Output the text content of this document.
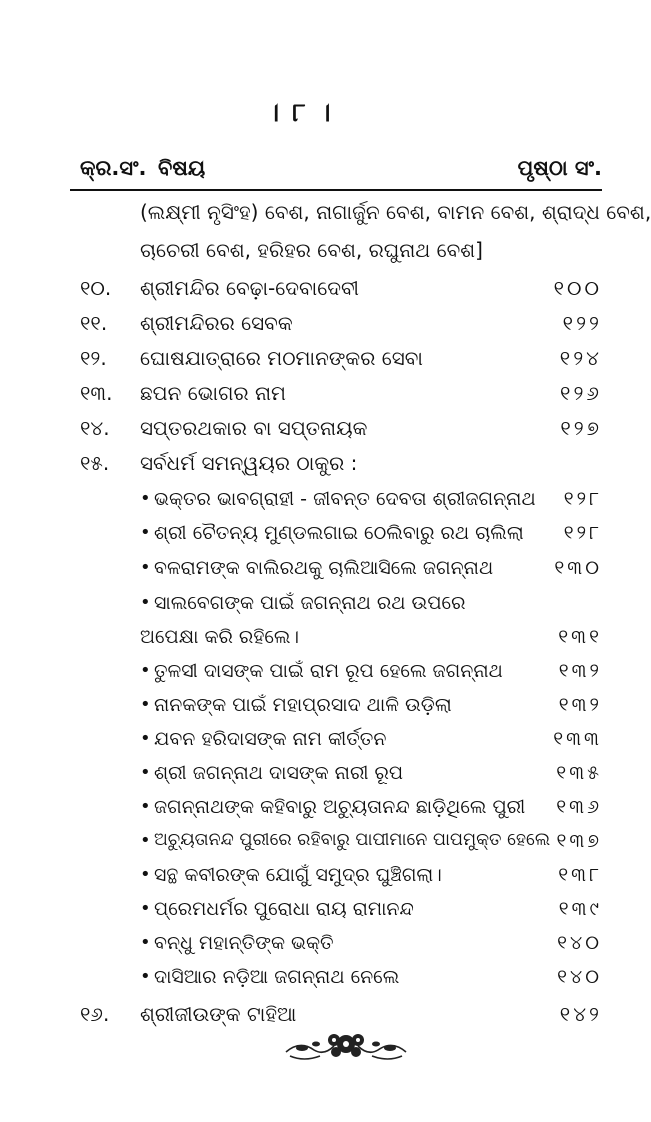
। ୮ ।
କ୍ର.ସଂ. ବିଷୟ	ପୃଷ୍ଠା ସଂ.
(ଲକ୍ଷ୍ମୀ ନୃସିଂହ) ବେଶ, ନାଗାର୍ଜୁନ ବେଶ, ବାମନ ବେଶ, ଶ୍ରାଦ୍ଧ ବେଶ,
ଚାଚେରୀ ବେଶ, ହରିହର ବେଶ, ରଘୁନାଥ ବେଶ]
୧୦. ଶ୍ରୀମନ୍ଦିର ବେଢ଼ା-ଦେବାଦେବୀ	୧୦୦
୧୧. ଶ୍ରୀମନ୍ଦିରର ସେବକ	୧୨୨
୧୨. ଘୋଷଯାତ୍ରାରେ ମଠମାନଙ୍କର ସେବା	୧୨୪
୧୩. ଛପନ ଭୋଗର ନାମ	୧୨୬
୧୪. ସପ୍ତରଥକାର ବା ସପ୍ତନାୟକ	୧୨୭
୧୫. ସର୍ବଧର୍ମ ସମନ୍ୱୟର ଠାକୁର :
• ଭକ୍ତର ଭାବଗ୍ରାହୀ - ଜୀବନ୍ତ ଦେବତା ଶ୍ରୀଜଗନ୍ନାଥ ୧୨୮
• ଶ୍ରୀ ଚୈତନ୍ୟ ମୁଣ୍ଡଲଗାଇ ଠେଲିବାରୁ ରଥ ଚାଲିଲା ୧୨୮
• ବଳରାମଙ୍କ ବାଲିରଥକୁ ଚାଲିଆସିଲେ ଜଗନ୍ନାଥ	୧୩୦
• ସାଲବେଗଙ୍କ ପାଇଁ ଜଗନ୍ନାଥ ରଥ ଉପରେ
ଅପେକ୍ଷା କରି ରହିଲେ।	୧୩୧
• ତୁଳସୀ ଦାସଙ୍କ ପାଇଁ ରାମ ରୂପ ହେଲେ ଜଗନ୍ନାଥ	୧୩୨
• ନାନକଙ୍କ ପାଇଁ ମହାପ୍ରସାଦ ଥାଳି ଉଡ଼ିଲା	୧୩୨
• ଯବନ ହରିଦାସଙ୍କ ନାମ କୀର୍ତ୍ତନ	୧୩୩
• ଶ୍ରୀ ଜଗନ୍ନାଥ ଦାସଙ୍କ ନାରୀ ରୂପ	୧୩୫
• ଜଗନ୍ନାଥଙ୍କ କହିବାରୁ ଅଚ୍ୟୁତାନନ୍ଦ ଛାଡ଼ିଥିଲେ ପୁରୀ ୧୩୬
• ଅଚ୍ୟୁତାନନ୍ଦ ପୁରୀରେ ରହିବାରୁ ପାପୀମାନେ ପାପମୁକ୍ତ ହେଲେ ୧୩୭
• ସନ୍ଥ କବୀରଙ୍କ ଯୋଗୁଁ ସମୁଦ୍ର ଘୁଞ୍ଚିଗଲା।	୧୩୮
• ପ୍ରେମଧର୍ମର ପୁରୋଧା ରାୟ ରାମାନନ୍ଦ	୧୩୯
• ବନ୍ଧୁ ମହାନ୍ତିଙ୍କ ଭକ୍ତି	୧୪୦
• ଦାସିଆର ନଡ଼ିଆ ଜଗନ୍ନାଥ ନେଲେ	୧୪୦
୧୬. ଶ୍ରୀଜୀଉଙ୍କ ଟାହିଆ	୧୪୨
